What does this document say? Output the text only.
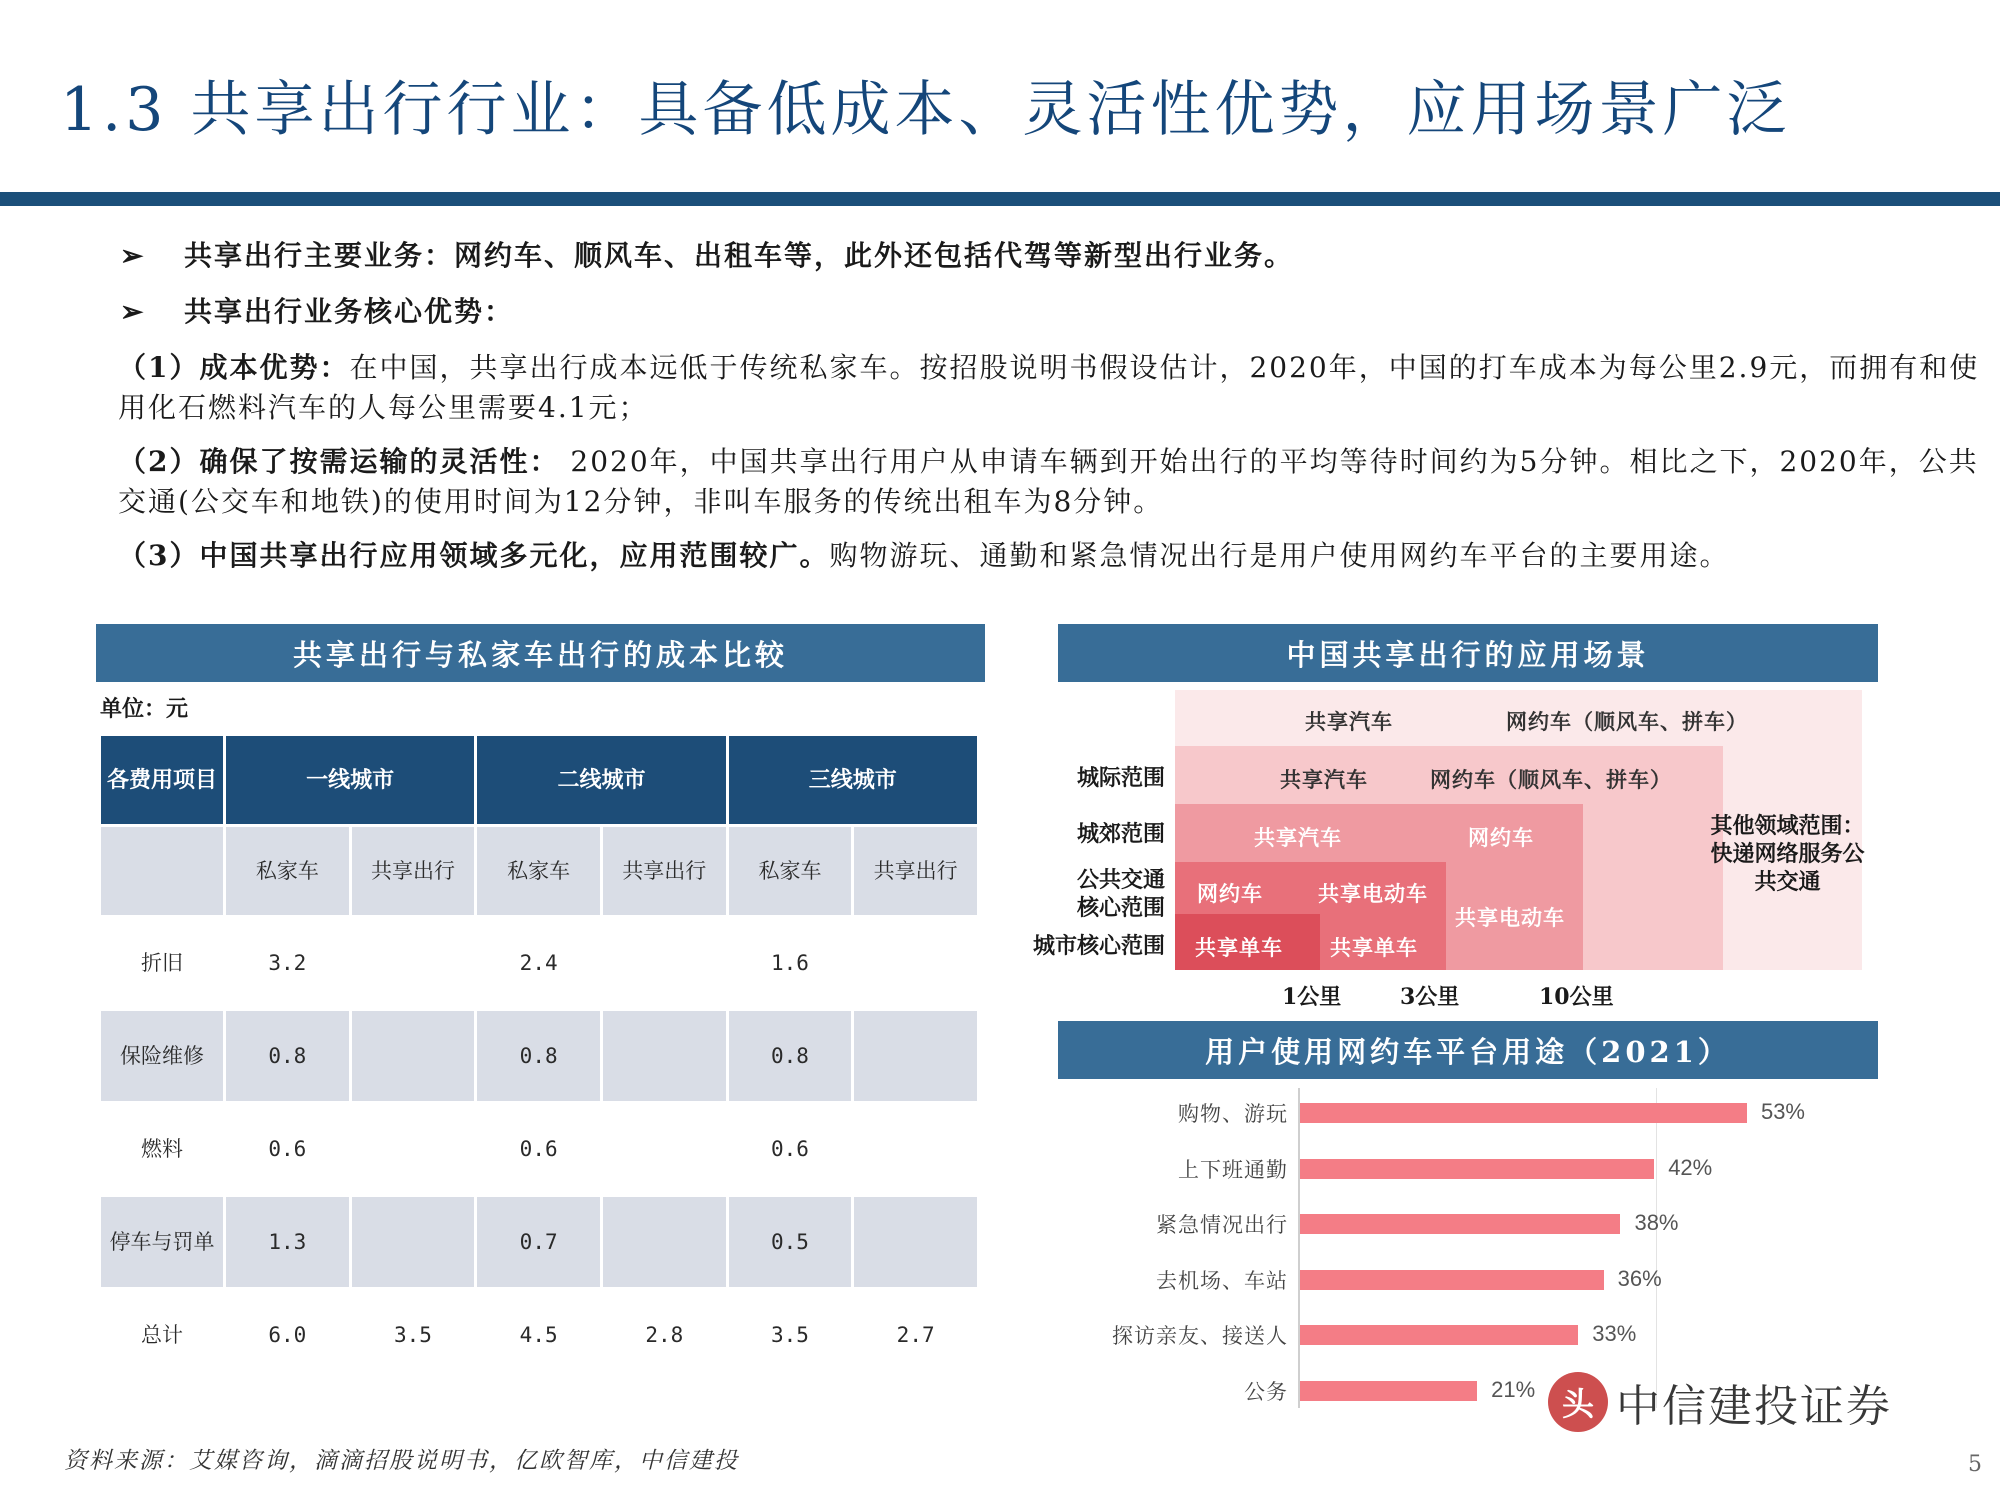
1.3 共享出行行业：具备低成本、灵活性优势，应用场景广泛
➢ 共享出行主要业务：网约车、顺风车、出租车等，此外还包括代驾等新型出行业务。
➢ 共享出行业务核心优势：
（1）成本优势：在中国，共享出行成本远低于传统私家车。按招股说明书假设估计，2020年，中国的打车成本为每公里2.9元，而拥有和使用化石燃料汽车的人每公里需要4.1元；
（2）确保了按需运输的灵活性： 2020年，中国共享出行用户从申请车辆到开始出行的平均等待时间约为5分钟。相比之下，2020年，公共交通(公交车和地铁)的使用时间为12分钟，非叫车服务的传统出租车为8分钟。
（3）中国共享出行应用领域多元化，应用范围较广。购物游玩、通勤和紧急情况出行是用户使用网约车平台的主要用途。
共享出行与私家车出行的成本比较
单位：元
各费用项目	一线城市		二线城市		三线城市	
	私家车	共享出行	私家车	共享出行	私家车	共享出行
折旧	3.2		2.4		1.6	
保险维修	0.8		0.8		0.8	
燃料	0.6		0.6		0.6	
停车与罚单	1.3		0.7		0.5	
总计	6.0	3.5	4.5	2.8	3.5	2.7
中国共享出行的应用场景
共享汽车	网约车（顺风车、拼车）
共享汽车	网约车（顺风车、拼车）
共享汽车	网约车
网约车	共享电动车
共享电动车
共享单车 共享单车
城际范围
城郊范围
公共交通核心范围
城市核心范围
其他领域范围：快递网络服务公共交通
1公里	3公里	10公里
用户使用网约车平台用途（2021）
购物、游玩	53%
上下班通勤	42%
紧急情况出行	38%
去机场、车站	36%
探访亲友、接送人	33%
公务	21%
资料来源：艾媒咨询，滴滴招股说明书，亿欧智库，中信建投
头 中信建投证券
5
